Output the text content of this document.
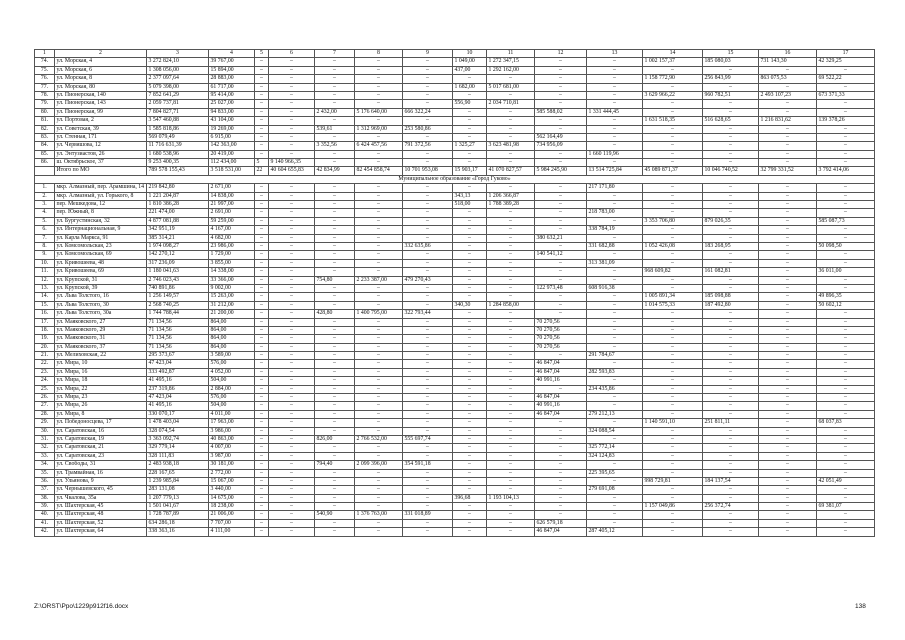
1	2	3	4	5	6	7	8	9	10	11	12	13	14	15	16	17
74.	ул. Морская, 4	3 272 824,10	39 767,00	–	–	–	–	–	1 049,00	1 272 347,15	–	–	1 002 157,37	185 080,03	731 143,30	42 329,25
75.	ул. Морская, 6	1 308 056,00	15 894,00	–	–	–	–	–	437,00	1 292 162,00	–	–	–	–	–	–
76.	ул. Морская, 8	2 377 097,64	28 883,00	–	–	–	–	–	–	–	–	–	1 158 772,90	256 843,99	863 075,53	69 522,22
77.	ул. Морская, 80	5 079 398,00	61 717,00	–	–	–	–	–	1 682,00	5 017 681,00	–	–	–	–	–	–
78.	ул. Пионерская, 140	7 852 641,29	95 414,00	–	–	–	–	–	–	–	–	–	3 629 966,22	960 782,51	2 493 107,23	673 371,33
79.	ул. Пионерская, 143	2 059 737,81	25 027,00	–	–	–	–	–	556,90	2 034 710,81	–	–	–	–	–	–
80.	ул. Пионерская, 99	7 804 827,71	94 833,00	–	–	2 432,00	5 176 640,00	666 322,24	–	–	585 588,02	1 331 444,45	–	–	–	–
81.	ул. Портовая, 2	3 547 460,88	43 104,00	–	–	–	–	–	–	–	–	–	1 631 518,35	516 628,65	1 216 831,62	139 378,26
82.	ул. Советская, 39	1 585 818,86	19 269,00	–	–	539,61	1 312 969,00	253 580,86	–	–	–	–	–	–	–	–
83.	ул. Стенная, 171	569 079,49	6 915,00	–	–	–	–	–	–	–	562 164,49	–	–	–	–	–
84.	ул. Червяшова, 12	11 716 631,39	142 363,00	–	–	3 352,56	6 424 457,56	791 372,56	1 325,27	3 623 481,98	734 956,09	–	–	–	–	–
85.	ул. Энтузиастов, 26	1 680 538,96	20 419,00	–	–	–	–	–	–	–	–	1 660 119,96	–	–	–	–
86.	ш. Октябрьское, 37	9 253 400,35	112 434,00	5	9 140 966,35	–	–	–	–	–	–	–	–	–	–	–
	Итого по МО	789 578 155,43	3 518 531,00	22	40 604 655,83	42 834,99	82 454 858,74	10 701 953,08	15 903,17	41 070 827,57	5 984 245,90	13 514 725,84	45 089 871,37	10 046 740,52	32 799 331,52	3 792 414,06
Муниципальное образование «Город Гуково»																
1.	мкр. Алмазный, пер. Арамшина, 14	219 842,80	2 671,00	–	–	–	–	–	–	–	–	217 171,80	–	–	–	–
2.	мкр. Алмазный, ул. Горького, 8	1 221 204,87	14 838,00	–	–	–	–	–	343,13	1 206 366,87	–	–	–	–	–	–
3.	пер. Мешкедова, 12	1 810 386,28	21 997,00	–	–	–	–	–	518,00	1 788 389,28	–	–	–	–	–	–
4.	пер. Южный, 8	221 474,00	2 691,00	–	–	–	–	–	–	–	–	218 783,00	–	–	–	–
5.	ул. Бургустинская, 32	4 877 081,88	59 259,00	–	–	–	–	–	–	–	–	–	3 353 706,80	879 026,35	–	585 087,73
6.	ул. Интернациональная, 9	342 951,19	4 167,00	–	–	–	–	–	–	–	–	338 784,19	–	–	–	–
7.	ул. Карла Маркса, 91	385 314,21	4 682,00	–	–	–	–	–	–	–	380 632,21	–	–	–	–	–
8.	ул. Комсомольская, 23	1 974 098,27	23 986,00	–	–	–	–	332 635,86	–	–	–	331 682,88	1 052 426,08	183 268,95	–	50 098,50
9.	ул. Комсомольская, 69	142 270,12	1 729,00	–	–	–	–	–	–	–	140 541,12	–	–	–	–	–
10.	ул. Кривошеева, 48	317 236,09	3 855,00	–	–	–	–	–	–	–	–	313 381,09	–	–	–	–
11.	ул. Кривошеева, 69	1 180 041,63	14 338,00	–	–	–	–	–	–	–	–	–	968 609,82	161 082,81	–	36 011,00
12.	ул. Крупской, 31	2 746 023,43	33 366,00	–	–	754,80	2 233 387,00	479 270,43	–	–	–	–	–	–	–	–
13.	ул. Крупской, 39	740 891,86	9 002,00	–	–	–	–	–	–	–	122 973,48	608 916,38	–	–	–	–
14.	ул. Льва Толстого, 16	1 256 149,57	15 263,00	–	–	–	–	–	–	–	–	–	1 005 891,34	185 098,88	–	49 896,35
15.	ул. Льва Толстого, 30	2 568 740,25	31 212,00	–	–	–	–	–	340,30	1 284 858,00	–	–	1 014 575,33	187 492,80	–	50 602,12
16.	ул. Льва Толстого, 30а	1 744 788,44	21 200,00	–	–	428,80	1 400 795,00	322 793,44	–	–	–	–	–	–	–	–
17.	ул. Маяковского, 27	71 134,56	864,00	–	–	–	–	–	–	–	70 270,56	–	–	–	–	–
18.	ул. Маяковского, 29	71 134,56	864,00	–	–	–	–	–	–	–	70 270,56	–	–	–	–	–
19.	ул. Маяковского, 31	71 134,56	864,00	–	–	–	–	–	–	–	70 270,56	–	–	–	–	–
20.	ул. Маяковского, 37	71 134,56	864,00	–	–	–	–	–	–	–	70 270,56	–	–	–	–	–
21.	ул. Мелиховская, 22	295 373,67	3 589,00	–	–	–	–	–	–	–	–	291 784,67	–	–	–	–
22.	ул. Мира, 10	47 423,04	576,00	–	–	–	–	–	–	–	46 847,04	–	–	–	–	–
23.	ул. Мира, 16	333 492,87	4 052,00	–	–	–	–	–	–	–	46 847,04	282 593,83	–	–	–	–
24.	ул. Мира, 18	41 495,16	504,00	–	–	–	–	–	–	–	40 991,16	–	–	–	–	–
25.	ул. Мира, 22	237 319,86	2 884,00	–	–	–	–	–	–	–	–	234 435,86	–	–	–	–
26.	ул. Мира, 23	47 423,04	576,00	–	–	–	–	–	–	–	46 847,04	–	–	–	–	–
27.	ул. Мира, 26	41 495,16	504,00	–	–	–	–	–	–	–	40 991,16	–	–	–	–	–
28.	ул. Мира, 8	330 070,17	4 011,00	–	–	–	–	–	–	–	46 847,04	279 212,13	–	–	–	–
29.	ул. Победоносцева, 17	1 478 403,04	17 963,00	–	–	–	–	–	–	–	–	–	1 140 591,10	251 811,11	–	68 037,83
30.	ул. Саратовская, 16	328 074,54	3 986,00	–	–	–	–	–	–	–	–	324 088,54	–	–	–	–
31.	ул. Саратовская, 19	3 363 092,74	40 863,00	–	–	826,00	2 766 532,00	555 697,74	–	–	–	–	–	–	–	–
32.	ул. Саратовская, 21	329 779,14	4 007,00	–	–	–	–	–	–	–	–	325 772,14	–	–	–	–
33.	ул. Саратовская, 23	328 111,83	3 987,00	–	–	–	–	–	–	–	–	324 124,83	–	–	–	–
34.	ул. Свободы, 31	2 483 938,18	30 181,00	–	–	794,40	2 099 396,00	354 591,18	–	–	–	–	–	–	–	–
35.	ул. Трамвайная, 16	228 167,65	2 772,00	–	–	–	–	–	–	–	–	225 395,65	–	–	–	–
36.	ул. Ульянова, 9	1 239 985,84	15 067,00	–	–	–	–	–	–	–	–	–	998 729,81	184 137,54	–	42 051,49
37.	ул. Чернышевского, 45	283 131,08	3 440,00	–	–	–	–	–	–	–	–	279 691,08	–	–	–	–
38.	ул. Чкалова, 35а	1 207 779,13	14 675,00	–	–	–	–	–	396,68	1 193 104,13	–	–	–	–	–	–
39.	ул. Шахтерская, 45	1 501 041,67	18 238,00	–	–	–	–	–	–	–	–	–	1 157 049,86	256 372,74	–	69 381,07
40.	ул. Шахтерская, 48	1 728 787,89	21 006,00	–	–	540,90	1 376 763,00	331 018,89	–	–	–	–	–	–	–	–
41.	ул. Шахтерская, 52	634 286,18	7 707,00	–	–	–	–	–	–	–	626 579,18	–	–	–	–	–
42.	ул. Шахтерская, 64	338 363,16	4 111,00	–	–	–	–	–	–	–	46 847,04	287 405,12	–	–	–	–
Z:\ORST\Ppo\1229p912f16.docx	138
